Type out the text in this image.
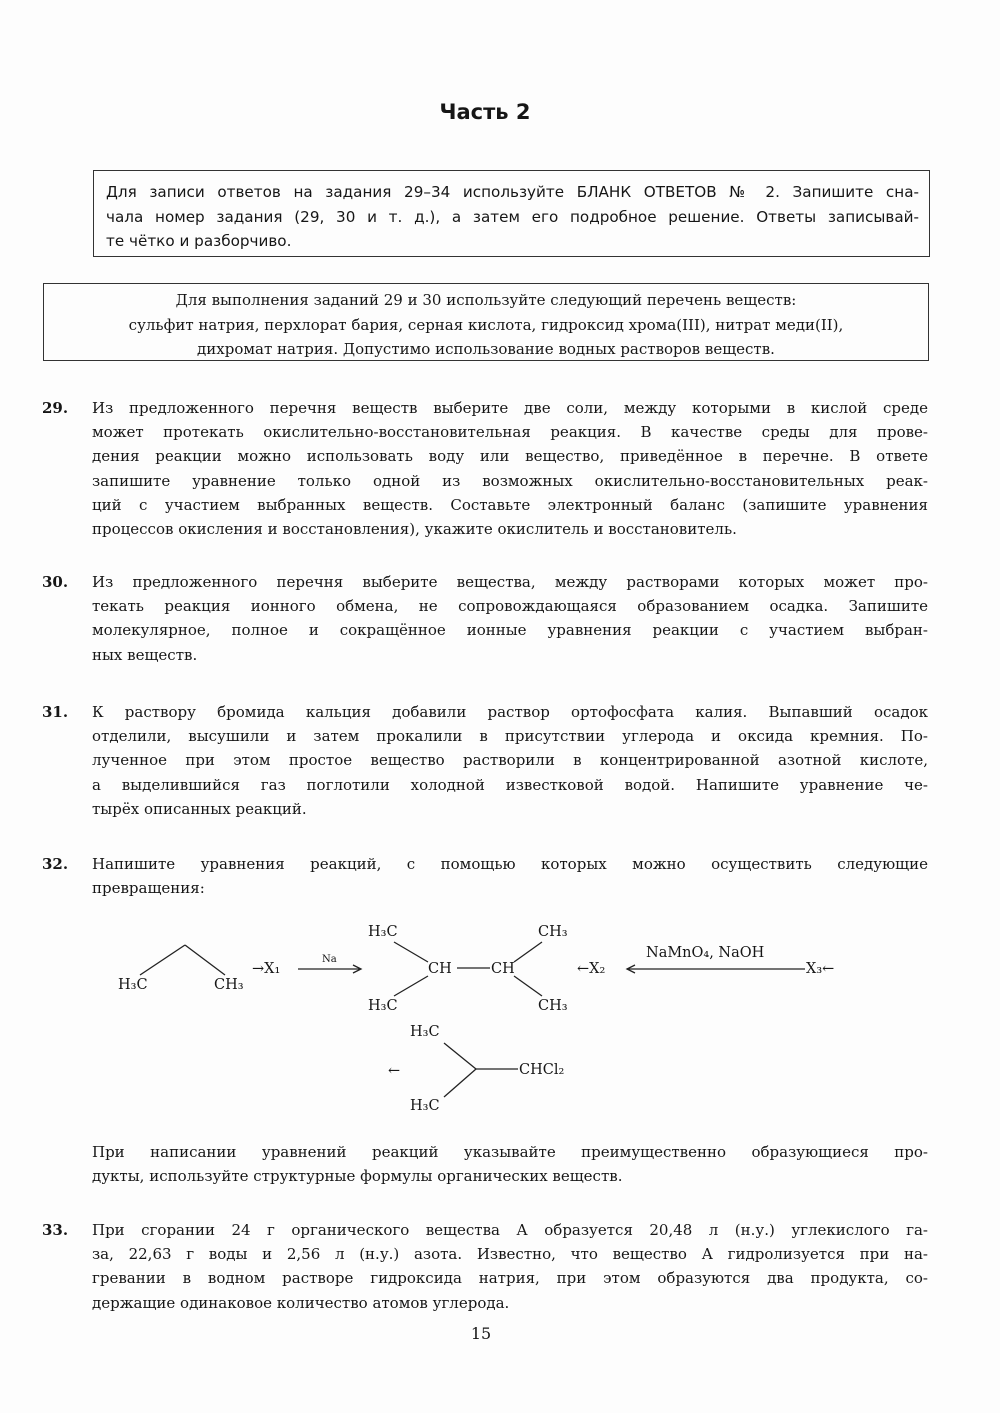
Часть 2
Для записи ответов на задания 29–34 используйте БЛАНК ОТВЕТОВ № 2. Запишите сна-
чала номер задания (29, 30 и т. д.), а затем его подробное решение. Ответы записывай-
те чётко и разборчиво.
Для выполнения заданий 29 и 30 используйте следующий перечень веществ:
сульфит натрия, перхлорат бария, серная кислота, гидроксид хрома(III), нитрат меди(II),
дихромат натрия. Допустимо использование водных растворов веществ.
29. Из предложенного перечня веществ выберите две соли, между которыми в кислой среде
может протекать окислительно-восстановительная реакция. В качестве среды для прове-
дения реакции можно использовать воду или вещество, приведённое в перечне. В ответе
запишите уравнение только одной из возможных окислительно-восстановительных реак-
ций с участием выбранных веществ. Составьте электронный баланс (запишите уравнения
процессов окисления и восстановления), укажите окислитель и восстановитель.
30. Из предложенного перечня выберите вещества, между растворами которых может про-
текать реакция ионного обмена, не сопровождающаяся образованием осадка. Запишите
молекулярное, полное и сокращённое ионные уравнения реакции с участием выбран-
ных веществ.
31. К раствору бромида кальция добавили раствор ортофосфата калия. Выпавший осадок
отделили, высушили и затем прокалили в присутствии углерода и оксида кремния. По-
лученное при этом простое вещество растворили в концентрированной азотной кислоте,
а выделившийся газ поглотили холодной известковой водой. Напишите уравнение че-
тырёх описанных реакций.
32. Напишите уравнения реакций, с помощью которых можно осуществить следующие
превращения:
33. При сгорании 24 г органического вещества А образуется 20,48 л (н.у.) углекислого га-
за, 22,63 г воды и 2,56 л (н.у.) азота. Известно, что вещество А гидролизуется при на-
гревании в водном растворе гидроксида натрия, при этом образуются два продукта, со-
держащие одинаковое количество атомов углерода.
H₃C	CH₃
→X₁
Na
H₃C	CH₃
CH	CH
H₃C	CH₃
←X₂
NaMnO₄, NaOH
X₃←
←
H₃C
CHCl₂
H₃C
При написании уравнений реакций указывайте преимущественно образующиеся про-
дукты, используйте структурные формулы органических веществ.
15
